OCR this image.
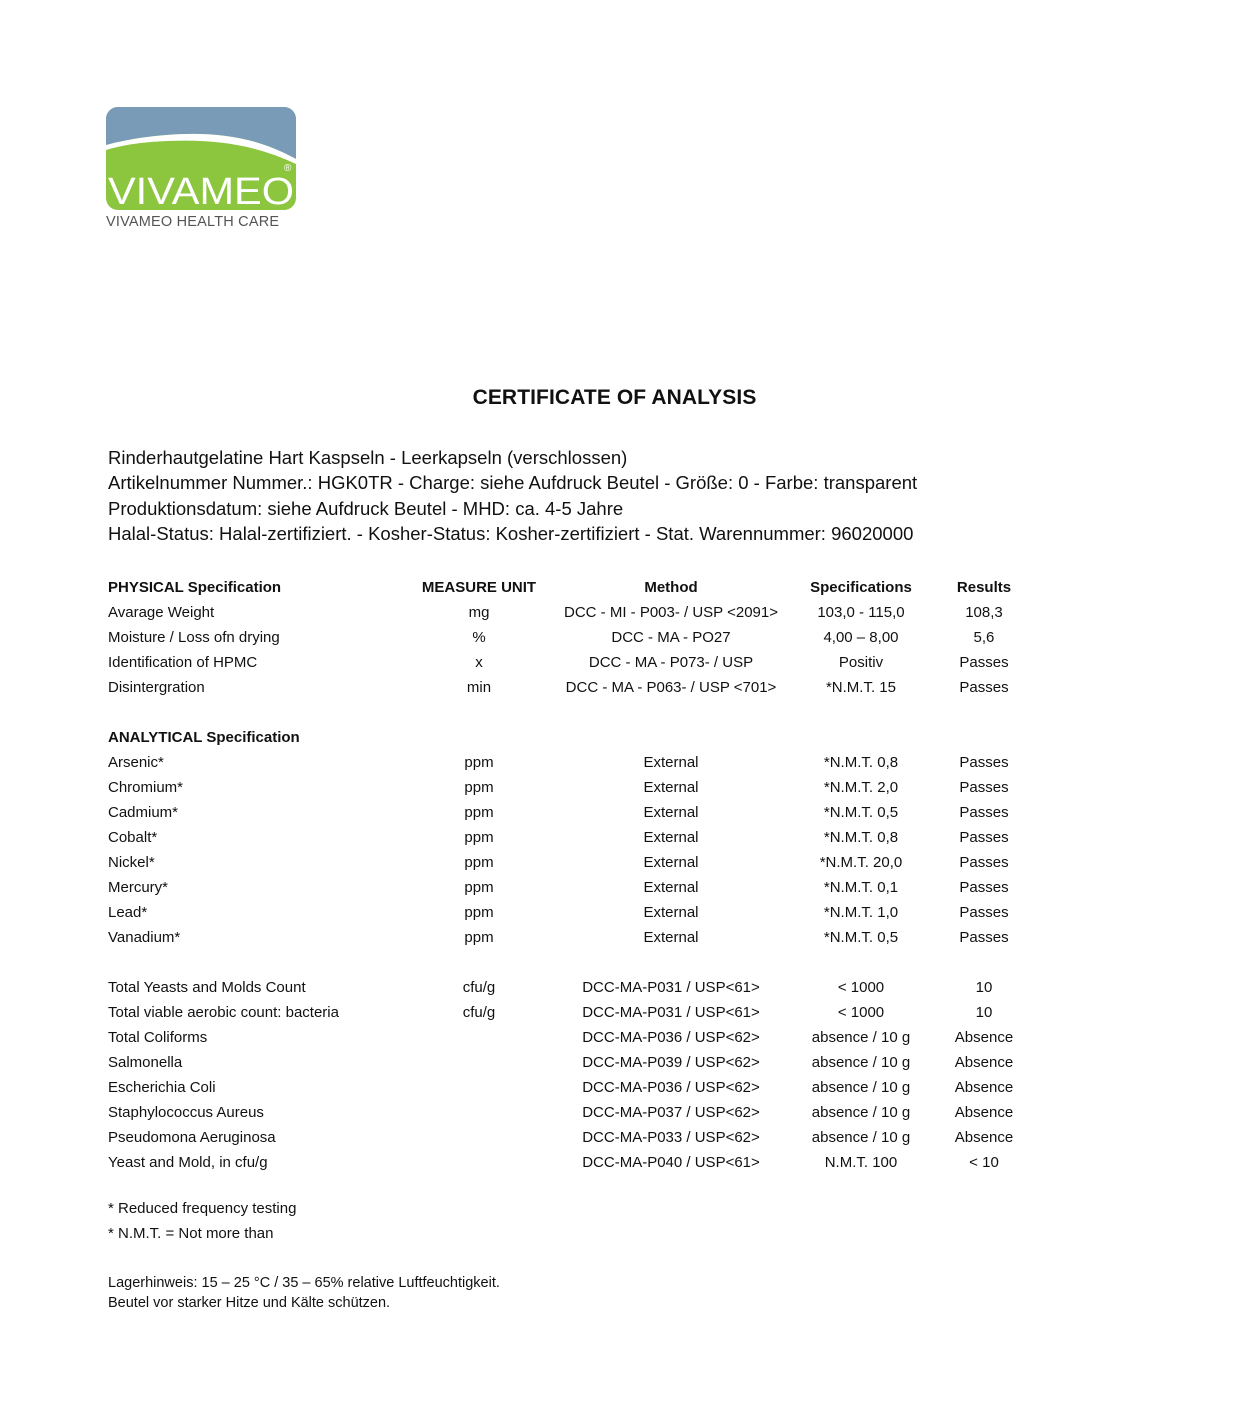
VIVAMEO
®
VIVAMEO HEALTH CARE
CERTIFICATE OF ANALYSIS
Rinderhautgelatine Hart Kaspseln - Leerkapseln (verschlossen)
Artikelnummer Nummer.: HGK0TR - Charge: siehe Aufdruck Beutel - Größe: 0 - Farbe: transparent
Produktionsdatum: siehe Aufdruck Beutel - MHD: ca. 4-5 Jahre
Halal-Status: Halal-zertifiziert. - Kosher-Status: Kosher-zertifiziert - Stat. Warennummer: 96020000
PHYSICAL Specification	MEASURE UNIT	Method	Specifications	Results
Avarage Weight	mg	DCC - MI - P003- / USP <2091>	103,0 - 115,0	108,3
Moisture / Loss ofn drying	%	DCC - MA - PO27	4,00 – 8,00	5,6
Identification of HPMC	x	DCC - MA - P073- / USP	Positiv	Passes
Disintergration	min	DCC - MA - P063- / USP <701>	*N.M.T. 15	Passes

ANALYTICAL Specification				
Arsenic*	ppm	External	*N.M.T. 0,8	Passes
Chromium*	ppm	External	*N.M.T. 2,0	Passes
Cadmium*	ppm	External	*N.M.T. 0,5	Passes
Cobalt*	ppm	External	*N.M.T. 0,8	Passes
Nickel*	ppm	External	*N.M.T. 20,0	Passes
Mercury*	ppm	External	*N.M.T. 0,1	Passes
Lead*	ppm	External	*N.M.T. 1,0	Passes
Vanadium*	ppm	External	*N.M.T. 0,5	Passes

Total Yeasts and Molds Count	cfu/g	DCC-MA-P031 / USP<61>	< 1000	10
Total viable aerobic count: bacteria	cfu/g	DCC-MA-P031 / USP<61>	< 1000	10
Total Coliforms		DCC-MA-P036 / USP<62>	absence / 10 g	Absence
Salmonella		DCC-MA-P039 / USP<62>	absence / 10 g	Absence
Escherichia Coli		DCC-MA-P036 / USP<62>	absence / 10 g	Absence
Staphylococcus Aureus		DCC-MA-P037 / USP<62>	absence / 10 g	Absence
Pseudomona Aeruginosa		DCC-MA-P033 / USP<62>	absence / 10 g	Absence
Yeast and Mold, in cfu/g		DCC-MA-P040 / USP<61>	N.M.T. 100	< 10
* Reduced frequency testing
* N.M.T. = Not more than
Lagerhinweis: 15 – 25 °C / 35 – 65% relative Luftfeuchtigkeit.
Beutel vor starker Hitze und Kälte schützen.
